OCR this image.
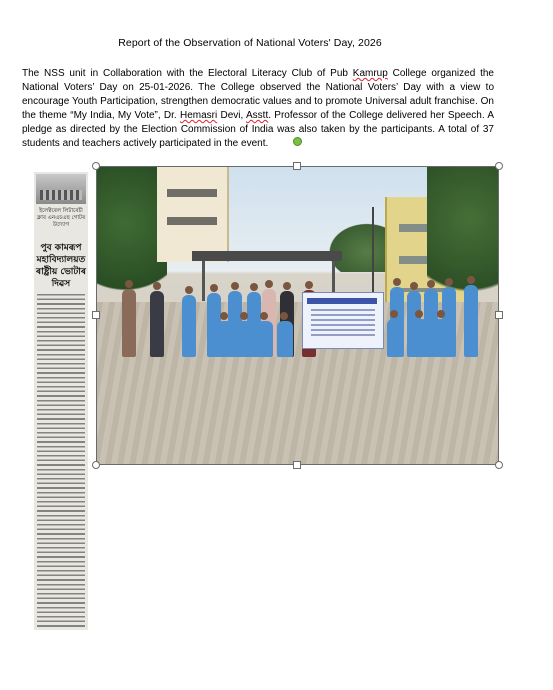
Report of the Observation of National Voters' Day, 2026
The NSS unit in Collaboration with the Electoral Literacy Club of Pub Kamrup College organized the National Voters’ Day on 25-01-2026. The College observed the National Voters’ Day with a view to encourage Youth Participation, strengthen democratic values and to promote Universal adult franchise. On the theme “My India, My Vote”, Dr. Hemasri Devi, Asstt. Professor of the College delivered her Speech. A pledge as directed by the Election Commission of India was also taken by the participants. A total of 37 students and teachers actively participated in the event.
ইলেক্টৰেল লিটাৰেচী ক্লাব এনএচএছ গোটৰ উদ্যোগ
পুব কামৰূপ মহাবিদ্যালয়ত ৰাষ্ট্ৰীয় ভোটাৰ দিৱস
